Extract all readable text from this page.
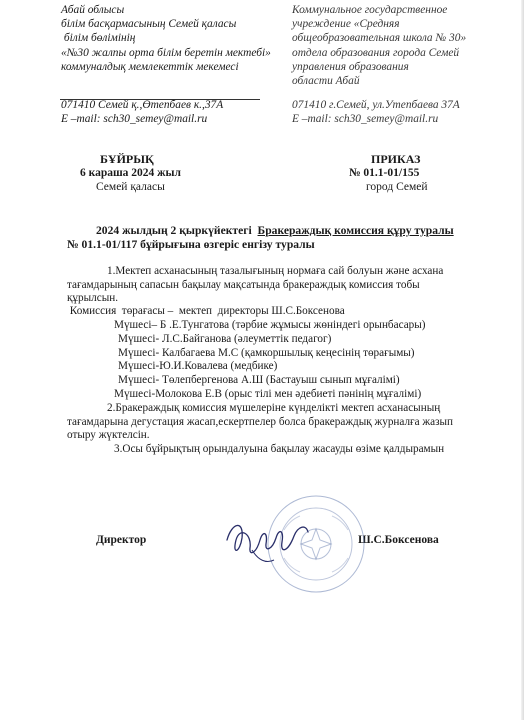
Абай облысы
білім басқармасының Семей қаласы
білім бөлімінің
«№30 жалпы орта білім беретін мектебі»
коммуналдық мемлекеттік мекемесі
071410 Семей қ.,Өтепбаев к.,37А
E –mail: sch30_semey@mail.ru
Коммунальное государственное
учреждение «Средняя
общеобразовательная школа № 30»
отдела образования города Семей
управления образования
области Абай
071410 г.Семей, ул.Утепбаева 37А
E –mail: sch30_semey@mail.ru
БҰЙРЫҚ
6 караша 2024 жыл
Семей қаласы
ПРИКАЗ
№ 01.1-01/155
город Семей
2024 жылдың 2 қыркүйектегі  Бракераждық комиссия құру туралы
№ 01.1-01/117 бұйрығына өзгеріс енгізу туралы
1.Мектеп асханасының тазалығының нормаға сай болуын және асхана
тағамдарының сапасын бақылау мақсатында бракераждық комиссия тобы
құрылсын.
Комиссия  төрағасы –  мектеп  директоры Ш.С.Боксенова
Мүшесі– Б .Е.Тунгатова (тәрбие жұмысы жөніндегі орынбасары)
Мүшесі- Л.С.Байганова (әлеуметтік педагог)
Мүшесі- Калбагаева М.С (қамкоршылық кеңесінің төрағымы)
Мүшесі-Ю.И.Ковалева (медбике)
Мүшесі- Төлепбергенова А.Ш (Бастауыш сынып мұғалімі)
Мүшесі-Молокова Е.В (орыс тілі мен әдебиеті пәнінің мұғалімі)
2.Бракераждық комиссия мүшелеріне күнделікті мектеп асханасының
тағамдарына дегустация жасап,ескертпелер болса бракераждық журналға жазып
отыру жүктелсін.
3.Осы бұйрықтың орындалуына бақылау жасауды өзіме қалдырамын
Директор	Ш.С.Боксенова
